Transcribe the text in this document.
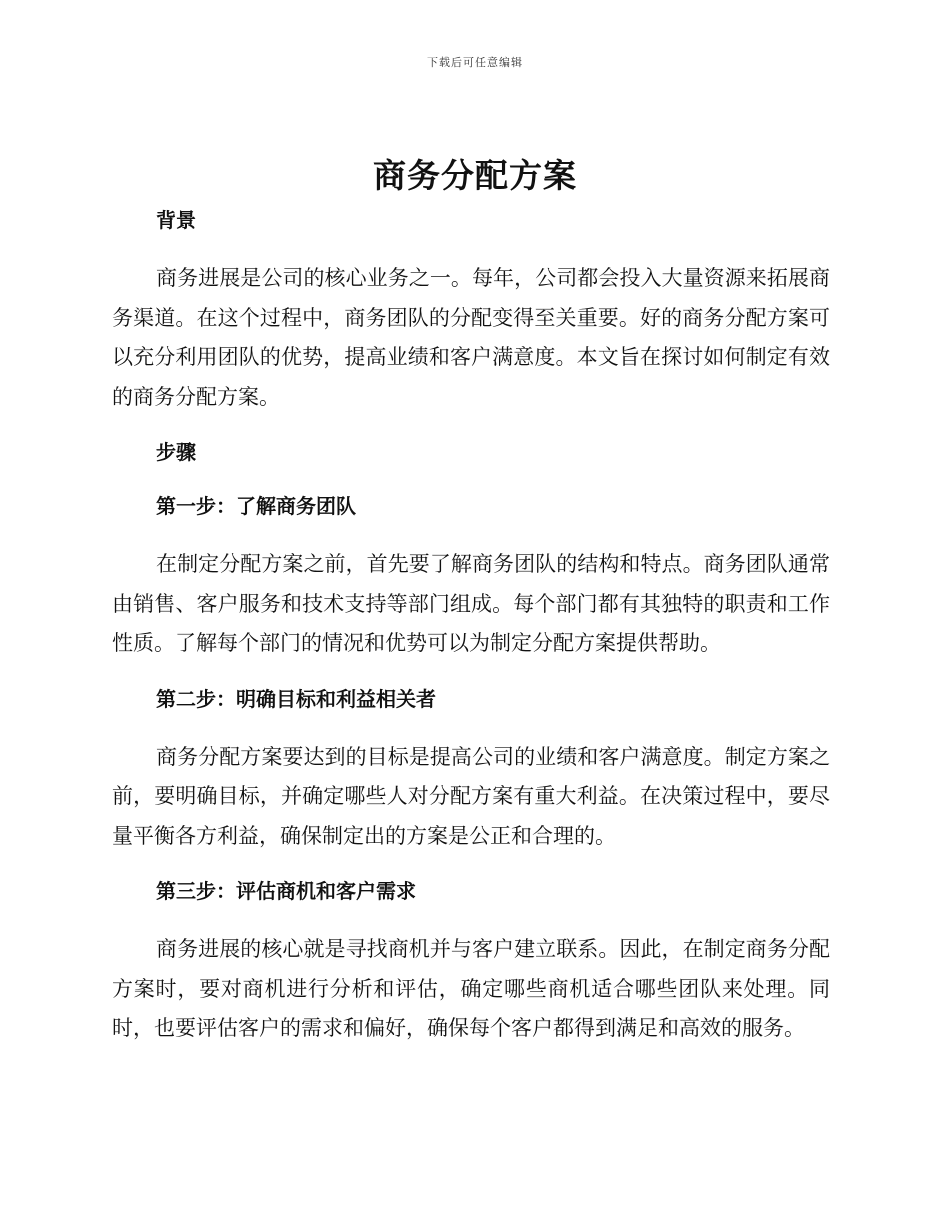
下载后可任意编辑
商务分配方案

背景

商务进展是公司的核心业务之一。每年，公司都会投入大量资源来拓展商务渠道。在这个过程中，商务团队的分配变得至关重要。好的商务分配方案可以充分利用团队的优势，提高业绩和客户满意度。本文旨在探讨如何制定有效的商务分配方案。

步骤

第一步：了解商务团队

在制定分配方案之前，首先要了解商务团队的结构和特点。商务团队通常由销售、客户服务和技术支持等部门组成。每个部门都有其独特的职责和工作性质。了解每个部门的情况和优势可以为制定分配方案提供帮助。

第二步：明确目标和利益相关者

商务分配方案要达到的目标是提高公司的业绩和客户满意度。制定方案之前，要明确目标，并确定哪些人对分配方案有重大利益。在决策过程中，要尽量平衡各方利益，确保制定出的方案是公正和合理的。

第三步：评估商机和客户需求

商务进展的核心就是寻找商机并与客户建立联系。因此，在制定商务分配方案时，要对商机进行分析和评估，确定哪些商机适合哪些团队来处理。同时，也要评估客户的需求和偏好，确保每个客户都得到满足和高效的服务。
